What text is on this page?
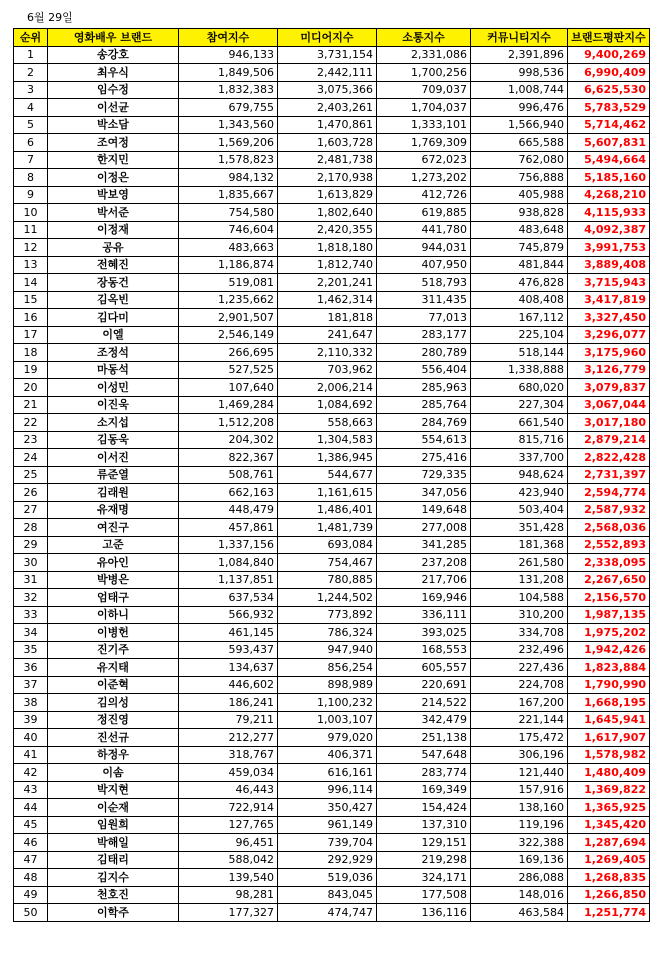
6월 29일
순위	영화배우 브랜드	참여지수	미디어지수	소통지수	커뮤니티지수	브랜드평판지수
1	송강호	946,133	3,731,154	2,331,086	2,391,896	9,400,269
2	최우식	1,849,506	2,442,111	1,700,256	998,536	6,990,409
3	임수정	1,832,383	3,075,366	709,037	1,008,744	6,625,530
4	이선균	679,755	2,403,261	1,704,037	996,476	5,783,529
5	박소담	1,343,560	1,470,861	1,333,101	1,566,940	5,714,462
6	조여정	1,569,206	1,603,728	1,769,309	665,588	5,607,831
7	한지민	1,578,823	2,481,738	672,023	762,080	5,494,664
8	이정은	984,132	2,170,938	1,273,202	756,888	5,185,160
9	박보영	1,835,667	1,613,829	412,726	405,988	4,268,210
10	박서준	754,580	1,802,640	619,885	938,828	4,115,933
11	이정재	746,604	2,420,355	441,780	483,648	4,092,387
12	공유	483,663	1,818,180	944,031	745,879	3,991,753
13	전혜진	1,186,874	1,812,740	407,950	481,844	3,889,408
14	장동건	519,081	2,201,241	518,793	476,828	3,715,943
15	김옥빈	1,235,662	1,462,314	311,435	408,408	3,417,819
16	김다미	2,901,507	181,818	77,013	167,112	3,327,450
17	이엘	2,546,149	241,647	283,177	225,104	3,296,077
18	조정석	266,695	2,110,332	280,789	518,144	3,175,960
19	마동석	527,525	703,962	556,404	1,338,888	3,126,779
20	이성민	107,640	2,006,214	285,963	680,020	3,079,837
21	이진욱	1,469,284	1,084,692	285,764	227,304	3,067,044
22	소지섭	1,512,208	558,663	284,769	661,540	3,017,180
23	김동욱	204,302	1,304,583	554,613	815,716	2,879,214
24	이서진	822,367	1,386,945	275,416	337,700	2,822,428
25	류준열	508,761	544,677	729,335	948,624	2,731,397
26	김래원	662,163	1,161,615	347,056	423,940	2,594,774
27	유재명	448,479	1,486,401	149,648	503,404	2,587,932
28	여진구	457,861	1,481,739	277,008	351,428	2,568,036
29	고준	1,337,156	693,084	341,285	181,368	2,552,893
30	유아인	1,084,840	754,467	237,208	261,580	2,338,095
31	박병은	1,137,851	780,885	217,706	131,208	2,267,650
32	엄태구	637,534	1,244,502	169,946	104,588	2,156,570
33	이하니	566,932	773,892	336,111	310,200	1,987,135
34	이병헌	461,145	786,324	393,025	334,708	1,975,202
35	진기주	593,437	947,940	168,553	232,496	1,942,426
36	유지태	134,637	856,254	605,557	227,436	1,823,884
37	이준혁	446,602	898,989	220,691	224,708	1,790,990
38	김의성	186,241	1,100,232	214,522	167,200	1,668,195
39	정진영	79,211	1,003,107	342,479	221,144	1,645,941
40	진선규	212,277	979,020	251,138	175,472	1,617,907
41	하정우	318,767	406,371	547,648	306,196	1,578,982
42	이솜	459,034	616,161	283,774	121,440	1,480,409
43	박지현	46,443	996,114	169,349	157,916	1,369,822
44	이순재	722,914	350,427	154,424	138,160	1,365,925
45	임원희	127,765	961,149	137,310	119,196	1,345,420
46	박해일	96,451	739,704	129,151	322,388	1,287,694
47	김태리	588,042	292,929	219,298	169,136	1,269,405
48	김지수	139,540	519,036	324,171	286,088	1,268,835
49	천호진	98,281	843,045	177,508	148,016	1,266,850
50	이학주	177,327	474,747	136,116	463,584	1,251,774
